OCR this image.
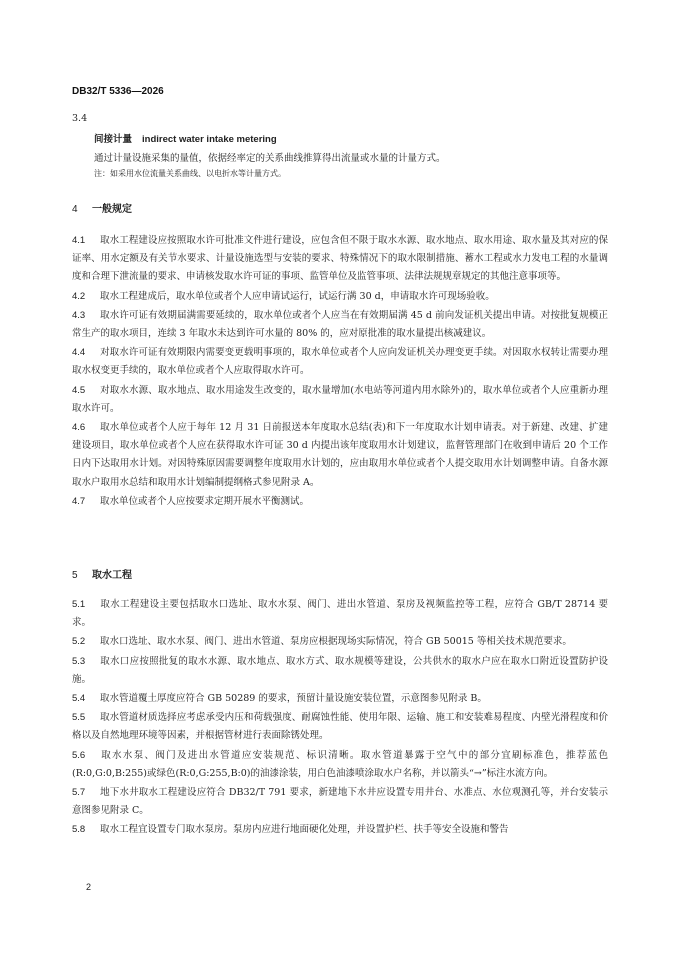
DB32/T 5336—2026
3.4
间接计量 indirect water intake metering
通过计量设施采集的量值，依据经率定的关系曲线推算得出流量或水量的计量方式。
注：如采用水位流量关系曲线、以电折水等计量方式。
4 一般规定

4.1 取水工程建设应按照取水许可批准文件进行建设，应包含但不限于取水水源、取水地点、取水用途、取水量及其对应的保证率、用水定额及有关节水要求、计量设施选型与安装的要求、特殊情况下的取水限制措施、蓄水工程或水力发电工程的水量调度和合理下泄流量的要求、申请核发取水许可证的事项、监管单位及监管事项、法律法规规章规定的其他注意事项等。

4.2 取水工程建成后，取水单位或者个人应申请试运行，试运行满 30 d，申请取水许可现场验收。

4.3 取水许可证有效期届满需要延续的，取水单位或者个人应当在有效期届满 45 d 前向发证机关提出申请。对按批复规模正常生产的取水项目，连续 3 年取水未达到许可水量的 80% 的，应对原批准的取水量提出核减建议。

4.4 对取水许可证有效期限内需要变更载明事项的，取水单位或者个人应向发证机关办理变更手续。对因取水权转让需要办理取水权变更手续的，取水单位或者个人应取得取水许可。

4.5 对取水水源、取水地点、取水用途发生改变的，取水量增加(水电站等河道内用水除外)的，取水单位或者个人应重新办理取水许可。

4.6 取水单位或者个人应于每年 12 月 31 日前报送本年度取水总结(表)和下一年度取水计划申请表。对于新建、改建、扩建建设项目，取水单位或者个人应在获得取水许可证 30 d 内提出该年度取用水计划建议，监督管理部门在收到申请后 20 个工作日内下达取用水计划。对因特殊原因需要调整年度取用水计划的，应由取用水单位或者个人提交取用水计划调整申请。自备水源取水户取用水总结和取用水计划编制提纲格式参见附录 A。

4.7 取水单位或者个人应按要求定期开展水平衡测试。

5 取水工程

5.1 取水工程建设主要包括取水口选址、取水水泵、阀门、进出水管道、泵房及视频监控等工程，应符合 GB/T 28714 要求。

5.2 取水口选址、取水水泵、阀门、进出水管道、泵房应根据现场实际情况，符合 GB 50015 等相关技术规范要求。

5.3 取水口应按照批复的取水水源、取水地点、取水方式、取水规模等建设，公共供水的取水户应在取水口附近设置防护设施。

5.4 取水管道覆土厚度应符合 GB 50289 的要求，预留计量设施安装位置，示意图参见附录 B。

5.5 取水管道材质选择应考虑承受内压和荷载强度、耐腐蚀性能、使用年限、运输、施工和安装难易程度、内壁光滑程度和价格以及自然地理环境等因素，并根据管材进行表面除锈处理。

5.6 取水水泵、阀门及进出水管道应安装规范、标识清晰。取水管道暴露于空气中的部分宜刷标准色，推荐蓝色(R:0,G:0,B:255)或绿色(R:0,G:255,B:0)的油漆涂装，用白色油漆喷涂取水户名称，并以箭头“→”标注水流方向。

5.7 地下水井取水工程建设应符合 DB32/T 791 要求，新建地下水井应设置专用井台、水准点、水位观测孔等，并台安装示意图参见附录 C。

5.8 取水工程宜设置专门取水泵房。泵房内应进行地面硬化处理，并设置护栏、扶手等安全设施和警告

2
